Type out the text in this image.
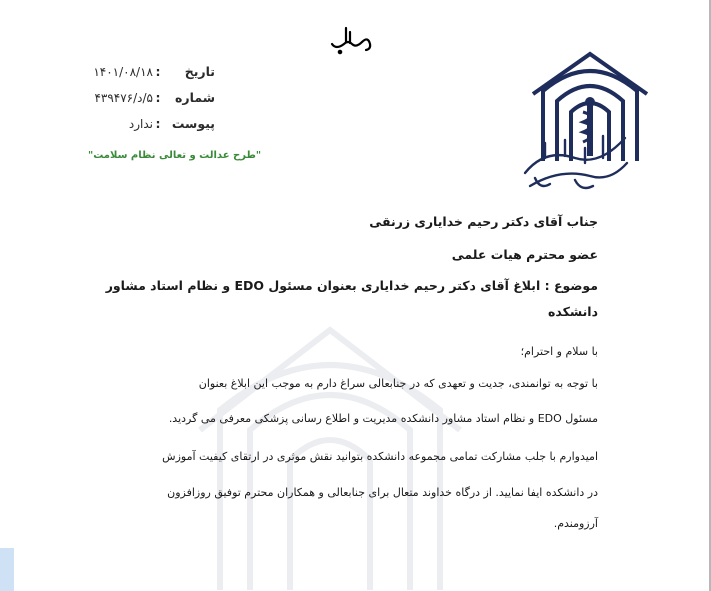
تاریخ:۱۴۰۱/۰۸/۱۸
شماره:۵/د/۴۳۹۴۷۶
پیوست:ندارد
"طرح عدالت و تعالی نظام سلامت"
جناب آقای دکتر رحیم خدایاری زرنقی
عضو محترم هیات علمی
موضوع : ابلاغ آقای دکتر رحیم خدایاری بعنوان مسئول EDO و نظام استاد مشاور
دانشکده
با سلام و احترام؛
با توجه به توانمندی، جدیت و تعهدی که در جنابعالی سراغ دارم به موجب این ابلاغ بعنوان
مسئول EDO و نظام استاد مشاور دانشکده مدیریت و اطلاع رسانی پزشکی معرفی می گردید.
امیدوارم با جلب مشارکت تمامی مجموعه دانشکده بتوانید نقش موثری در ارتقای کیفیت آموزش
در دانشکده ایفا نمایید. از درگاه خداوند متعال برای جنابعالی و همکاران محترم توفیق روزافزون
آرزومندم.
